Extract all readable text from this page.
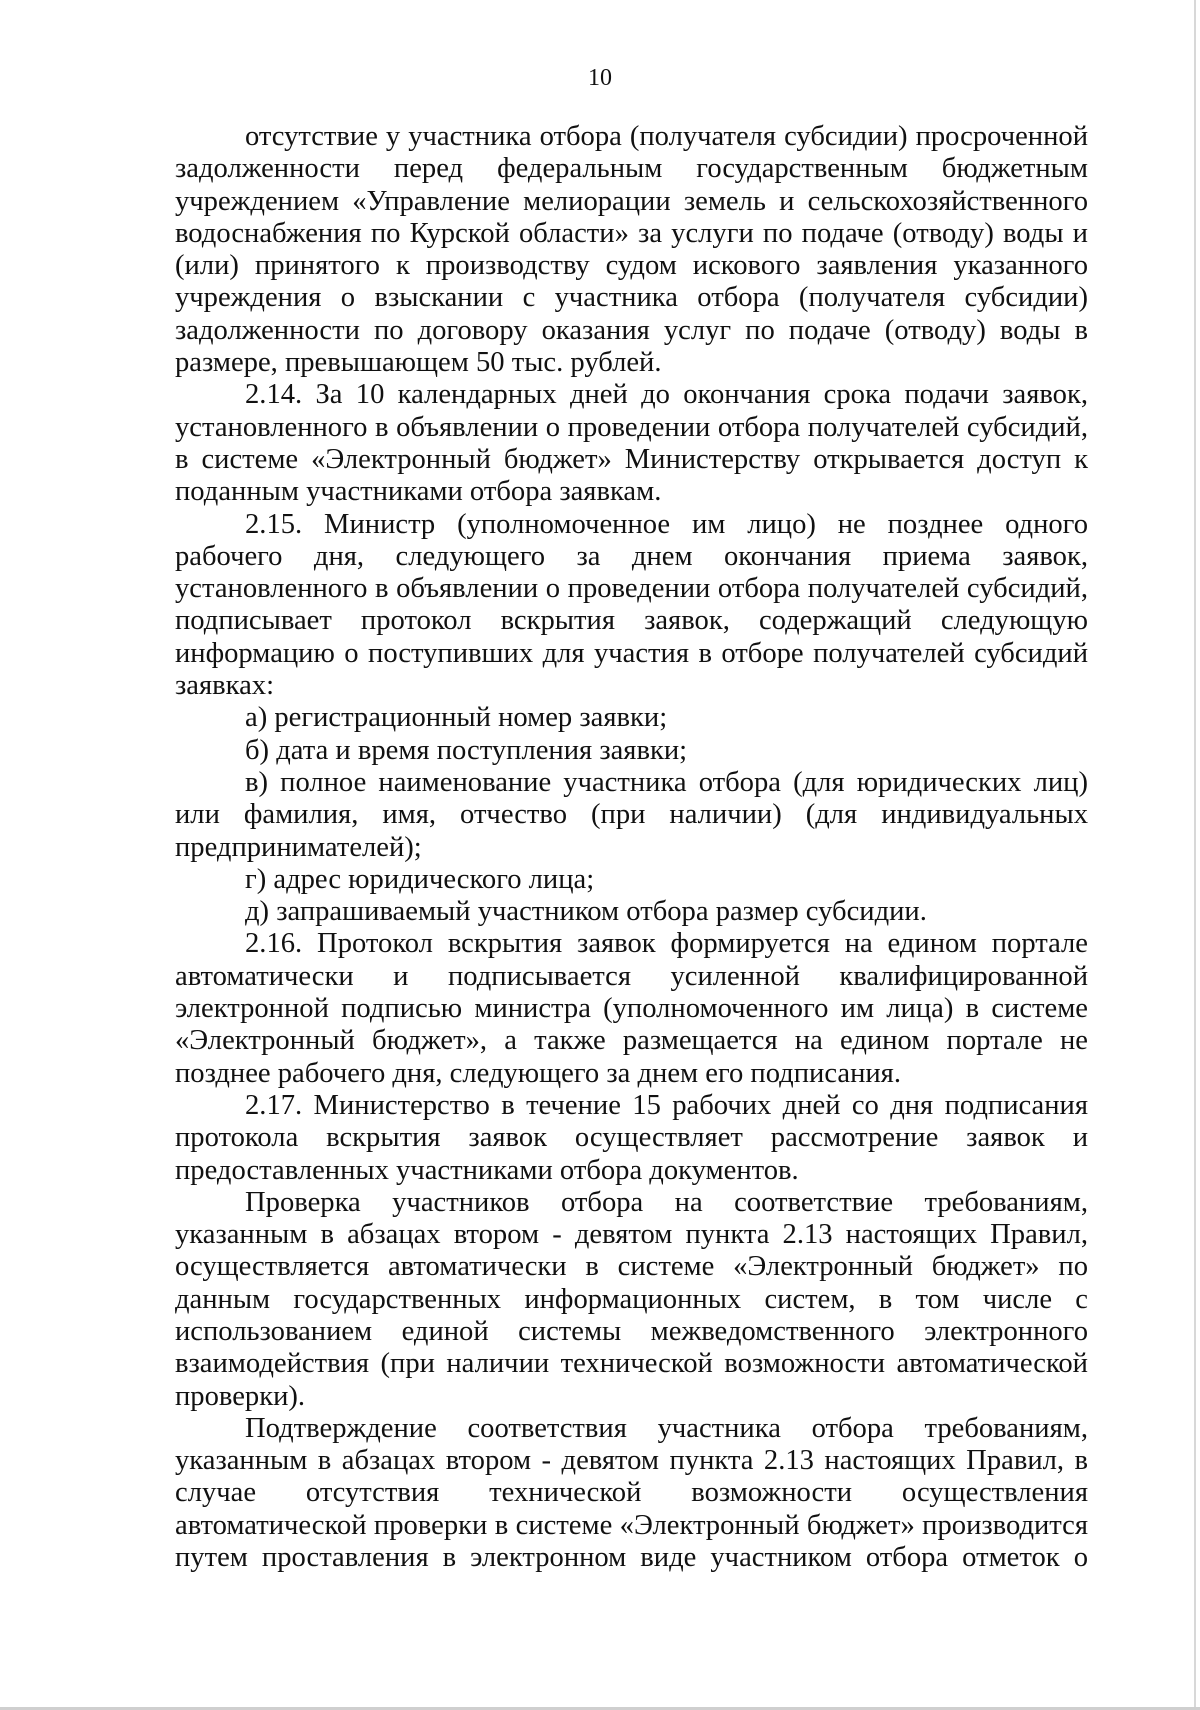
10

отсутствие у участника отбора (получателя субсидии) просроченной задолженности перед федеральным государственным бюджетным учреждением «Управление мелиорации земель и сельскохозяйственного водоснабжения по Курской области» за услуги по подаче (отводу) воды и (или) принятого к производству судом искового заявления указанного учреждения о взыскании с участника отбора (получателя субсидии) задолженности по договору оказания услуг по подаче (отводу) воды в размере, превышающем 50 тыс. рублей.

2.14. За 10 календарных дней до окончания срока подачи заявок, установленного в объявлении о проведении отбора получателей субсидий, в системе «Электронный бюджет» Министерству открывается доступ к поданным участниками отбора заявкам.

2.15. Министр (уполномоченное им лицо) не позднее одного рабочего дня, следующего за днем окончания приема заявок, установленного в объявлении о проведении отбора получателей субсидий, подписывает протокол вскрытия заявок, содержащий следующую информацию о поступивших для участия в отборе получателей субсидий заявках:

а) регистрационный номер заявки;

б) дата и время поступления заявки;

в) полное наименование участника отбора (для юридических лиц) или фамилия, имя, отчество (при наличии) (для индивидуальных предпринимателей);

г) адрес юридического лица;

д) запрашиваемый участником отбора размер субсидии.

2.16. Протокол вскрытия заявок формируется на едином портале автоматически и подписывается усиленной квалифицированной электронной подписью министра (уполномоченного им лица) в системе «Электронный бюджет», а также размещается на едином портале не позднее рабочего дня, следующего за днем его подписания.

2.17. Министерство в течение 15 рабочих дней со дня подписания протокола вскрытия заявок осуществляет рассмотрение заявок и предоставленных участниками отбора документов.

Проверка участников отбора на соответствие требованиям, указанным в абзацах втором - девятом пункта 2.13 настоящих Правил, осуществляется автоматически в системе «Электронный бюджет» по данным государственных информационных систем, в том числе с использованием единой системы межведомственного электронного взаимодействия (при наличии технической возможности автоматической проверки).

Подтверждение соответствия участника отбора требованиям, указанным в абзацах втором - девятом пункта 2.13 настоящих Правил, в случае отсутствия технической возможности осуществления автоматической проверки в системе «Электронный бюджет» производится путем проставления в электронном виде участником отбора отметок о
